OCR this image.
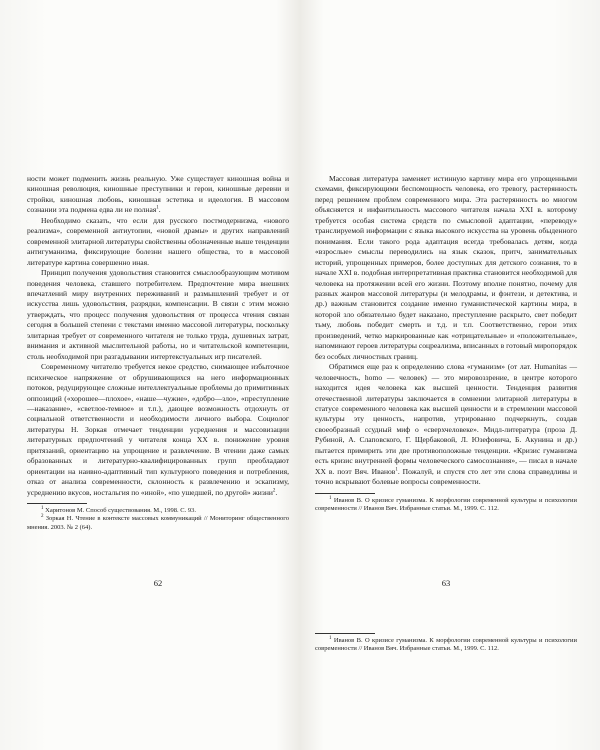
ности может подменить жизнь реальную. Уже существует киношная война и киношная революция, киношные преступники и герои, киношные деревни и стройки, киношная любовь, киношная эстетика и идеология. В массовом сознании эта подмена едва ли не полная$^1$.

Необходимо сказать, что если для русского постмодернизма, «нового реализма», современной антиутопии, «новой драмы» и других направлений современной элитарной литературы свойственны обозначенные выше тенденции антигуманизма, фиксирующие болезни нашего общества, то в массовой литературе картина совершенно иная.

Принцип получения удовольствия становится смыслообразующим мотивом поведения человека, ставшего потребителем. Предпочтение мира внешних впечатлений миру внутренних переживаний и размышлений требует и от искусства лишь удовольствия, разрядки, компенсации. В связи с этим можно утверждать, что процесс получения удовольствия от процесса чтения связан сегодня в большей степени с текстами именно массовой литературы, поскольку элитарная требует от современного читателя не только труда, душевных затрат, внимания и активной мыслительной работы, но и читательской компетенции, столь необходимой при разгадывании интертекстуальных игр писателей.

Современному читателю требуется некое средство, снимающее избыточное психическое напряжение от обрушивающихся на него информационных потоков, редуцирующее сложные интеллектуальные проблемы до примитивных оппозиций («хорошее—плохое», «наше—чужие», «добро—зло», «преступление—наказание», «светлое-темное» и т.п.), дающее возможность отдохнуть от социальной ответственности и необходимости личного выбора. Социолог литературы Н. Зоркая отмечает тенденции усреднения и массовизации литературных предпочтений у читателя конца XX в. понижение уровня притязаний, ориентацию на упрощение и развлечение. В чтении даже самых образованных и литературно-квалифицированных групп преобладают ориентации на наивно-адаптивный тип культурного поведения и потребления, отказ от анализа современности, склонность к развлечению и эскапизму, усреднению вкусов, ностальгия по «иной», «по ушедшей, по другой» жизни$^2$.

$^1$ Харитонов М. Способ существования. М., 1998. С. 93.

$^2$ Зоркая Н. Чтение в контексте массовых коммуникаций // Мониторинг общественного мнения. 2003. № 2 (64).

62

Массовая литература заменяет истинную картину мира его упрощенными схемами, фиксирующими беспомощность человека, его тревогу, растерянность перед решением проблем современного мира. Эта растерянность во многом объясняется и инфантильность массового читателя начала XXI в. которому требуется особая система средств по смысловой адаптации, «переводу» транслируемой информации с языка высокого искусства на уровень обыденного понимания. Если такого рода адаптация всегда требовалась детям, когда «взрослые» смыслы переводились на язык сказок, притч, занимательных историй, упрощенных примеров, более доступных для детского сознания, то в начале XXI в. подобная интерпретативная практика становится необходимой для человека на протяжении всей его жизни. Поэтому вполне понятно, почему для разных жанров массовой литературы (и мелодрамы, и фэнтези, и детектива, и др.) важным становится создание именно гуманистической картины мира, в которой зло обязательно будет наказано, преступление раскрыто, свет победит тьму, любовь победит смерть и т.д. и т.п. Соответственно, герои этих произведений, четко маркированные как «отрицательные» и «положительные», напоминают героев литературы соцреализма, вписанных в готовый миропорядок без особых личностных границ.

Обратимся еще раз к определению слова «гуманизм» (от лат. Humanitas — человечность, homo — человек) — это мировоззрение, в центре которого находится идея человека как высшей ценности. Тенденция развития отечественной литературы заключается в сомнении элитарной литературы в статусе современного человека как высшей ценности и в стремлении массовой культуры эту ценность, напротив, утрированно подчеркнуть, создав своеобразный ссудный миф о «сверхчеловеке». Мидл-литература (проза Д. Рубиной, А. Слаповского, Г. Щербаковой, Л. Юзефовича, Б. Акунина и др.) пытается примирить эти две противоположные тенденции. «Кризис гуманизма есть кризис внутренней формы человеческого самосознания», — писал в начале XX в. поэт Вяч. Иванов$^1$. Пожалуй, и спустя сто лет эти слова справедливы и точно вскрывают болевые вопросы современности.

$^1$ Иванов В. О кризисе гуманизма. К морфологии современной культуры и психологии современности // Иванов Вяч. Избранные статьи. М., 1999. С. 112.

63

$^1$ Иванов В. О кризисе гуманизма. К морфологии современной культуры и психологии современности // Иванов Вяч. Избранные статьи. М., 1999. С. 112.
